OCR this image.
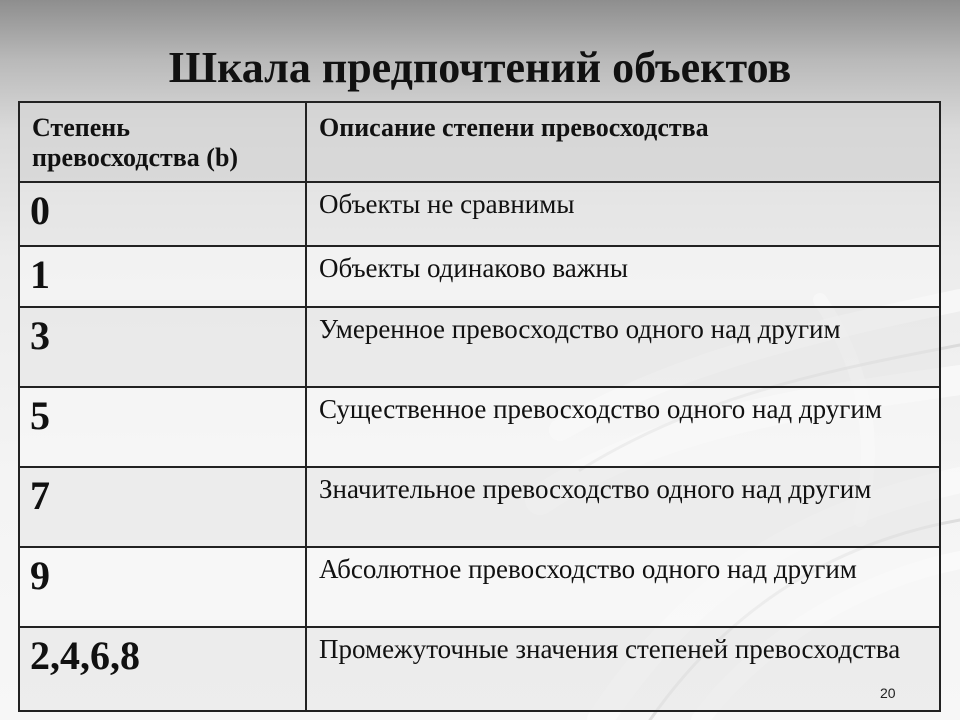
Шкала предпочтений объектов
Степень превосходства (b)	Описание степени превосходства
0	Объекты не сравнимы
1	Объекты одинаково важны
3	Умеренное превосходство одного над другим
5	Существенное превосходство одного над другим
7	Значительное превосходство одного над другим
9	Абсолютное превосходство одного над другим
2,4,6,8	Промежуточные значения степеней превосходства
20
